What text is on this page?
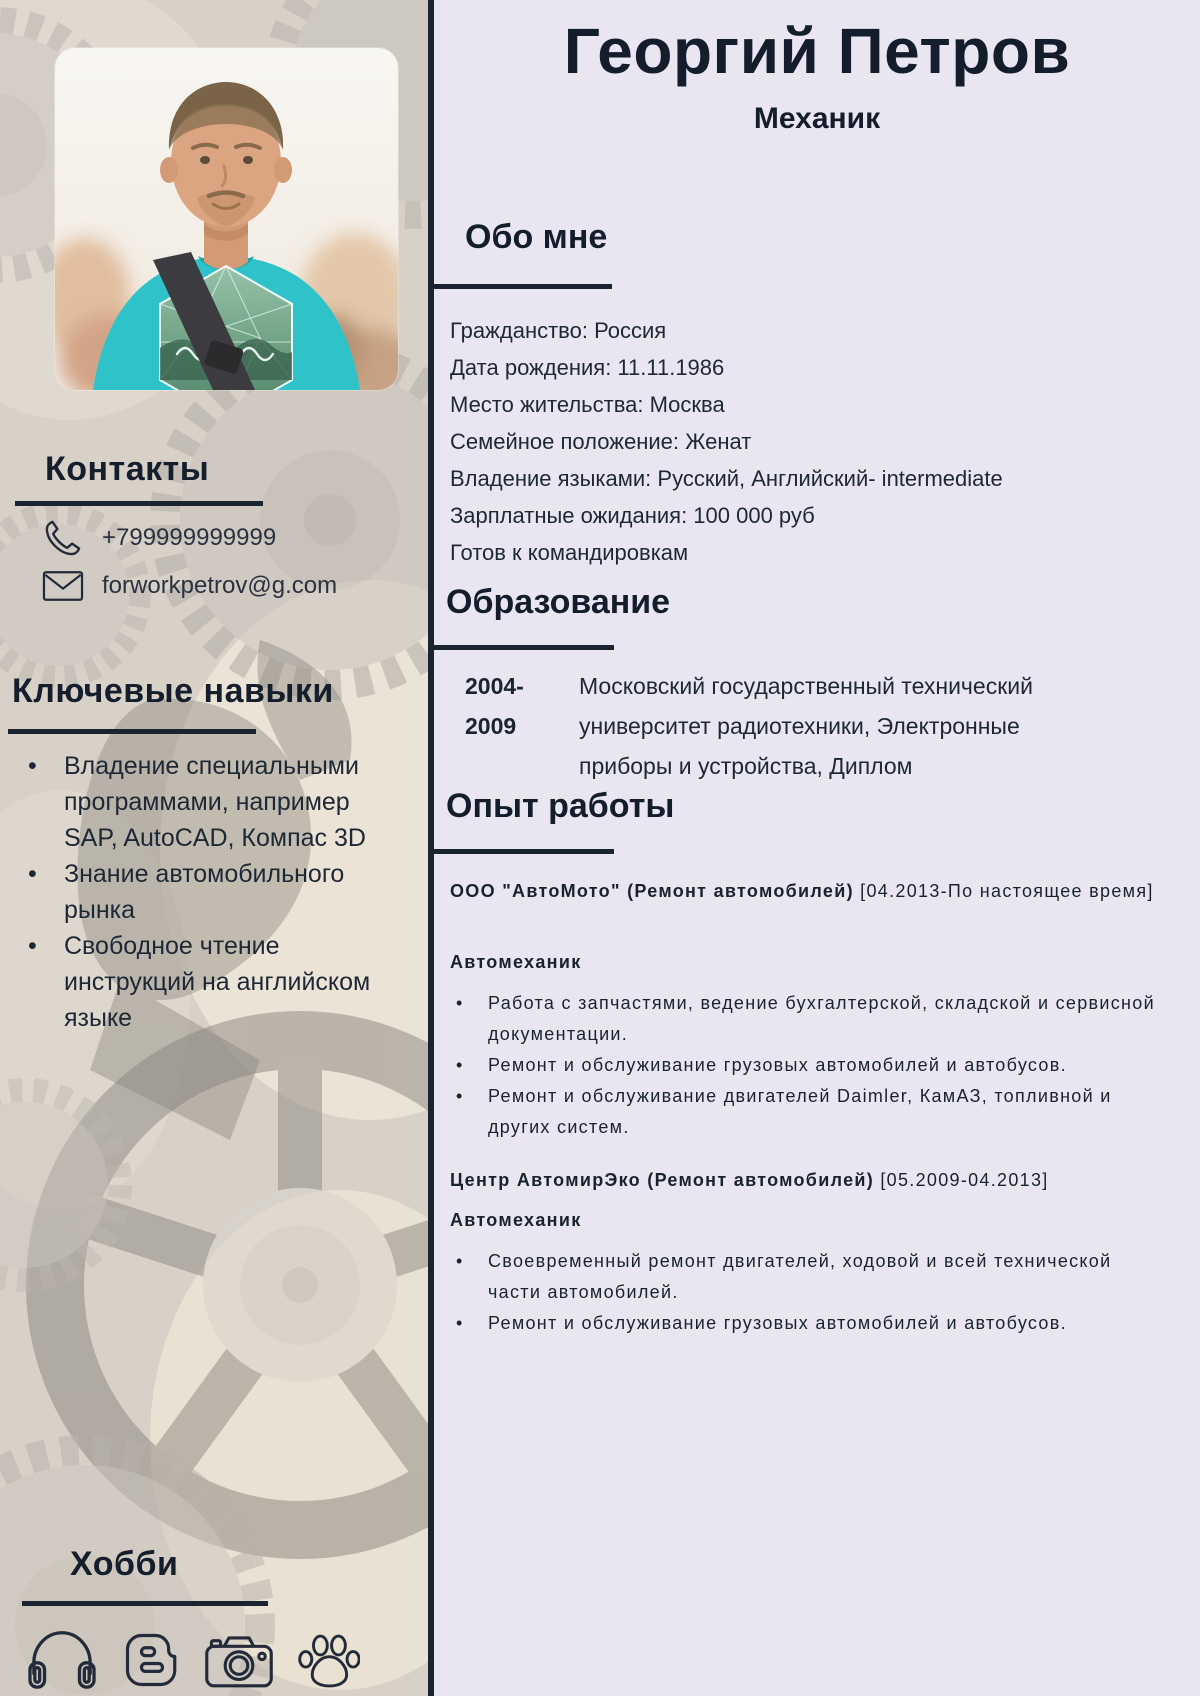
Контакты
+799999999999
forworkpetrov@g.com
Ключевые навыки
• Владение специальными программами, например SAP, AutoCAD, Компас 3D
• Знание автомобильного рынка
• Свободное чтение инструкций на английском языке
Хобби
Георгий Петров
Механик
Обо мне

Гражданство: Россия

Дата рождения: 11.11.1986

Место жительства: Москва

Семейное положение: Женат

Владение языками: Русский, Английский- intermediate

Зарплатные ожидания: 100 000 руб

Готов к командировкам

Образование
2004-2009
Московский государственный технический университет радиотехники, Электронные приборы и устройства, Диплом
Опыт работы

ООО "АвтоМото" (Ремонт автомобилей) [04.2013-По настоящее время]

Автомеханик

• Работа с запчастями, ведение бухгалтерской, складской и сервисной документации.
• Ремонт и обслуживание грузовых автомобилей и автобусов.
• Ремонт и обслуживание двигателей Daimler, КамАЗ, топливной и других систем.

Центр АвтомирЭко (Ремонт автомобилей) [05.2009-04.2013]

Автомеханик

• Своевременный ремонт двигателей, ходовой и всей технической части автомобилей.
• Ремонт и обслуживание грузовых автомобилей и автобусов.
